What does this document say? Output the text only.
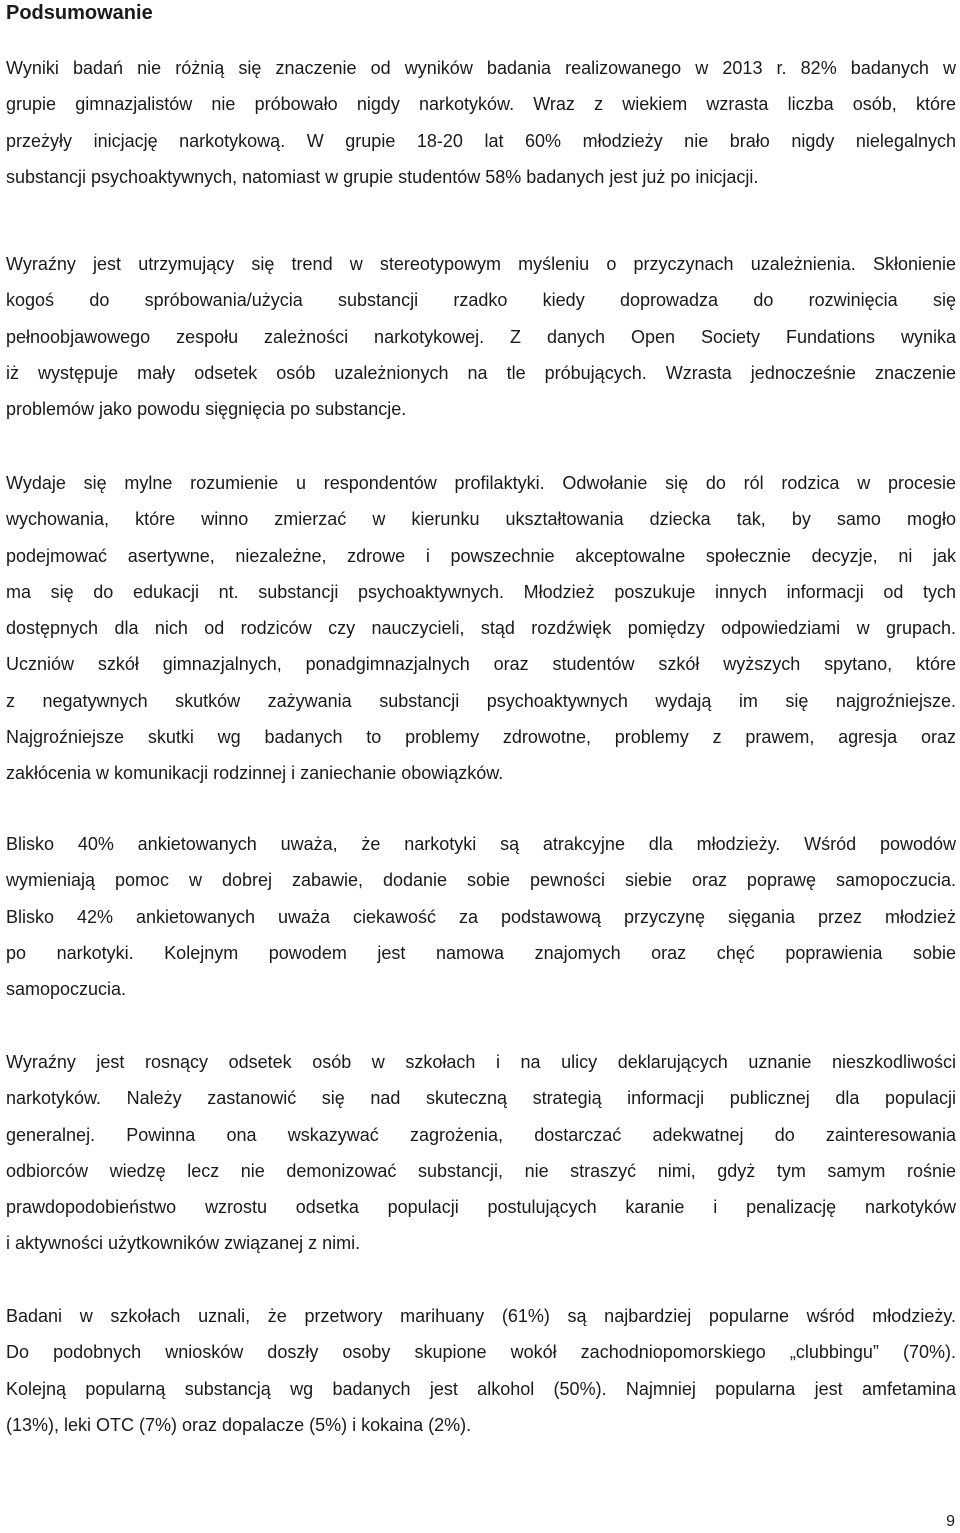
Podsumowanie

Wyniki badań nie różnią się znaczenie od wyników badania realizowanego w 2013 r. 82% badanych w
grupie gimnazjalistów nie próbowało nigdy narkotyków. Wraz z wiekiem wzrasta liczba osób, które
przeżyły inicjację narkotykową. W grupie 18-20 lat 60% młodzieży nie brało nigdy nielegalnych
substancji psychoaktywnych, natomiast w grupie studentów 58% badanych jest już po inicjacji.

Wyraźny jest utrzymujący się trend w stereotypowym myśleniu o przyczynach uzależnienia. Skłonienie
kogoś do spróbowania/użycia substancji rzadko kiedy doprowadza do rozwinięcia się
pełnoobjawowego zespołu zależności narkotykowej. Z danych Open Society Fundations wynika
iż występuje mały odsetek osób uzależnionych na tle próbujących. Wzrasta jednocześnie znaczenie
problemów jako powodu sięgnięcia po substancje.

Wydaje się mylne rozumienie u respondentów profilaktyki. Odwołanie się do ról rodzica w procesie
wychowania, które winno zmierzać w kierunku ukształtowania dziecka tak, by samo mogło
podejmować asertywne, niezależne, zdrowe i powszechnie akceptowalne społecznie decyzje, ni jak
ma się do edukacji nt. substancji psychoaktywnych. Młodzież poszukuje innych informacji od tych
dostępnych dla nich od rodziców czy nauczycieli, stąd rozdźwięk pomiędzy odpowiedziami w grupach.
Uczniów szkół gimnazjalnych, ponadgimnazjalnych oraz studentów szkół wyższych spytano, które
z negatywnych skutków zażywania substancji psychoaktywnych wydają im się najgroźniejsze.
Najgroźniejsze skutki wg badanych to problemy zdrowotne, problemy z prawem, agresja oraz
zakłócenia w komunikacji rodzinnej i zaniechanie obowiązków.

Blisko 40% ankietowanych uważa, że narkotyki są atrakcyjne dla młodzieży. Wśród powodów
wymieniają pomoc w dobrej zabawie, dodanie sobie pewności siebie oraz poprawę samopoczucia.
Blisko 42% ankietowanych uważa ciekawość za podstawową przyczynę sięgania przez młodzież
po narkotyki. Kolejnym powodem jest namowa znajomych oraz chęć poprawienia sobie
samopoczucia.

Wyraźny jest rosnący odsetek osób w szkołach i na ulicy deklarujących uznanie nieszkodliwości
narkotyków. Należy zastanowić się nad skuteczną strategią informacji publicznej dla populacji
generalnej. Powinna ona wskazywać zagrożenia, dostarczać adekwatnej do zainteresowania
odbiorców wiedzę lecz nie demonizować substancji, nie straszyć nimi, gdyż tym samym rośnie
prawdopodobieństwo wzrostu odsetka populacji postulujących karanie i penalizację narkotyków
i aktywności użytkowników związanej z nimi.

Badani w szkołach uznali, że przetwory marihuany (61%) są najbardziej popularne wśród młodzieży.
Do podobnych wniosków doszły osoby skupione wokół zachodniopomorskiego „clubbingu” (70%).
Kolejną popularną substancją wg badanych jest alkohol (50%). Najmniej popularna jest amfetamina
(13%), leki OTC (7%) oraz dopalacze (5%) i kokaina (2%).

9
